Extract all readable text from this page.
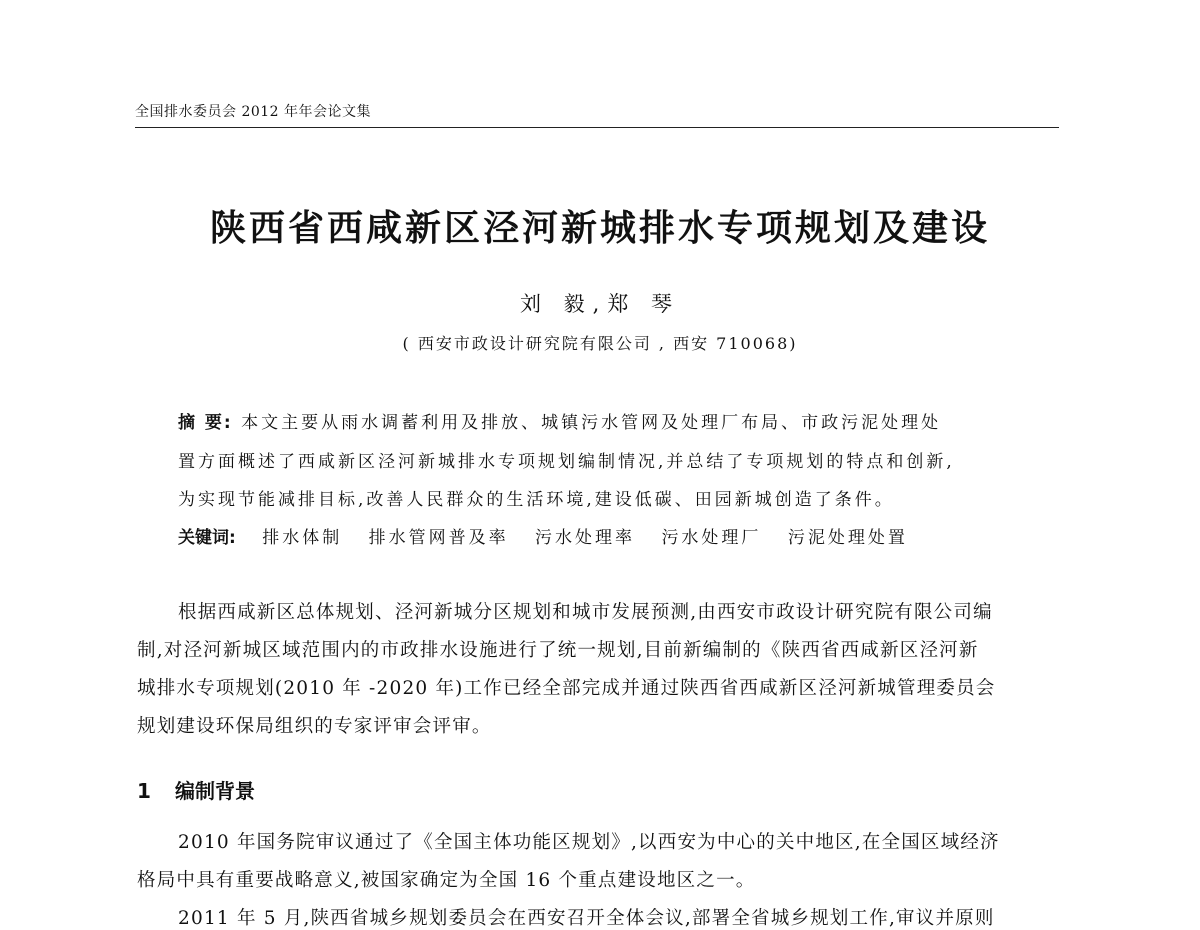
全国排水委员会 2012 年年会论文集
陕西省西咸新区泾河新城排水专项规划及建设
刘 毅,郑 琴
( 西安市政设计研究院有限公司 , 西安 710068)
摘 要: 本文主要从雨水调蓄利用及排放、城镇污水管网及处理厂布局、市政污泥处理处
置方面概述了西咸新区泾河新城排水专项规划编制情况,并总结了专项规划的特点和创新,
为实现节能减排目标,改善人民群众的生活环境,建设低碳、田园新城创造了条件。
关键词: 排水体制 排水管网普及率 污水处理率 污水处理厂 污泥处理处置
根据西咸新区总体规划、泾河新城分区规划和城市发展预测,由西安市政设计研究院有限公司编
制,对泾河新城区域范围内的市政排水设施进行了统一规划,目前新编制的《陕西省西咸新区泾河新
城排水专项规划(2010 年 -2020 年)工作已经全部完成并通过陕西省西咸新区泾河新城管理委员会
规划建设环保局组织的专家评审会评审。
1 编制背景
2010 年国务院审议通过了《全国主体功能区规划》,以西安为中心的关中地区,在全国区域经济
格局中具有重要战略意义,被国家确定为全国 16 个重点建设地区之一。
2011 年 5 月,陕西省城乡规划委员会在西安召开全体会议,部署全省城乡规划工作,审议并原则
